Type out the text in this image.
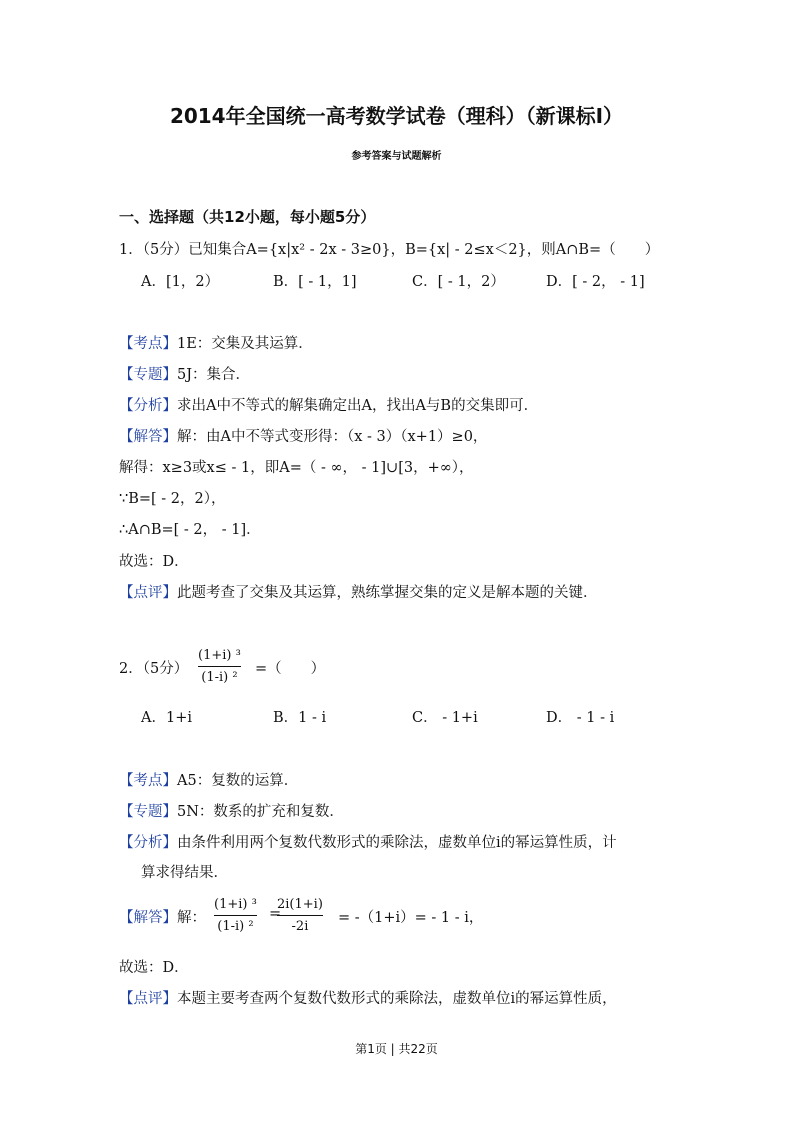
2014年全国统一高考数学试卷（理科）（新课标Ⅰ）
参考答案与试题解析
一、选择题（共12小题，每小题5分）
1．（5分）已知集合A={x|x² - 2x - 3≥0}，B={x| - 2≤x＜2}，则A∩B=（　　）
A．[1，2）	B．[ - 1，1]	C．[ - 1，2）	D．[ - 2， - 1]
【考点】1E：交集及其运算．
【专题】5J：集合．
【分析】求出A中不等式的解集确定出A，找出A与B的交集即可．
【解答】解：由A中不等式变形得：（x - 3）（x+1）≥0，
解得：x≥3或x≤ - 1，即A=（ - ∞， - 1]∪[3，+∞），
∵B=[ - 2，2），
∴A∩B=[ - 2， - 1]．
故选：D．
【点评】此题考查了交集及其运算，熟练掌握交集的定义是解本题的关键．
2．（5分）
(1+i) ³
(1-i) ²
=（　　）
A．1+i	B．1 - i	C． - 1+i	D． - 1 - i
【考点】A5：复数的运算．
【专题】5N：数系的扩充和复数．
【分析】由条件利用两个复数代数形式的乘除法，虚数单位i的幂运算性质，计
算求得结果．
【解答】解：
(1+i) ³
(1-i) ²
=
2i(1+i)
-2i
= -（1+i）= - 1 - i，
故选：D．
【点评】本题主要考查两个复数代数形式的乘除法，虚数单位i的幂运算性质，
第1页 | 共22页
